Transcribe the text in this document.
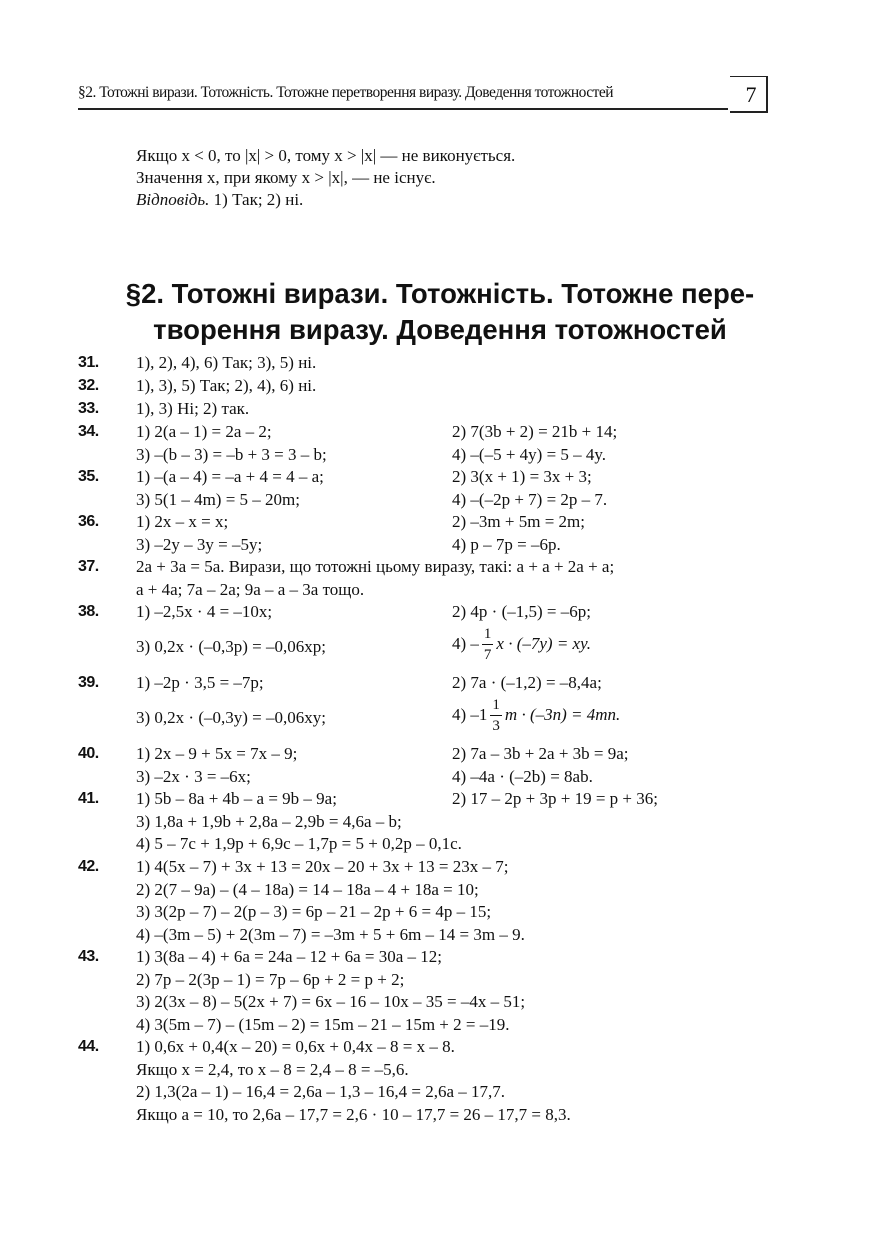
§2. Тотожні вирази. Тотожність. Тотожне перетворення виразу. Доведення тотожностей	7
Якщо x < 0, то |x| > 0, тому x > |x| — не виконується.
Значення x, при якому x > |x|, — не існує.
Відповідь. 1) Так; 2) ні.
§2. Тотожні вирази. Тотожність. Тотожне пере-
творення виразу. Доведення тотожностей
31. 1), 2), 4), 6) Так; 3), 5) ні.
32. 1), 3), 5) Так; 2), 4), 6) ні.
33. 1), 3) Ні; 2) так.
34. 1) 2(a – 1) = 2a – 2;	2) 7(3b + 2) = 21b + 14;
3) –(b – 3) = –b + 3 = 3 – b;	4) –(–5 + 4y) = 5 – 4y.
35. 1) –(a – 4) = –a + 4 = 4 – a;	2) 3(x + 1) = 3x + 3;
3) 5(1 – 4m) = 5 – 20m;	4) –(–2p + 7) = 2p – 7.
36. 1) 2x – x = x;	2) –3m + 5m = 2m;
3) –2y – 3y = –5y;	4) p – 7p = –6p.
37. 2a + 3a = 5a. Вирази, що тотожні цьому виразу, такі: a + a + 2a + a;
a + 4a; 7a – 2a; 9a – a – 3a тощо.
38. 1) –2,5x · 4 = –10x;	2) 4p · (–1,5) = –6p;
3) 0,2x · (–0,3p) = –0,06xp;	$4) - \frac{1}{7}$ x · (–7y) = xy.
39. 1) –2p · 3,5 = –7p;	2) 7a · (–1,2) = –8,4a;
3) 0,2x · (–0,3y) = –0,06xy;	4) $-1 \frac{1}{3}$ m · (–3n) = 4mn.
40. 1) 2x – 9 + 5x = 7x – 9;	2) 7a – 3b + 2a + 3b = 9a;
3) –2x · 3 = –6x;	4) –4a · (–2b) = 8ab.
41. 1) 5b – 8a + 4b – a = 9b – 9a;	2) 17 – 2p + 3p + 19 = p + 36;
3) 1,8a + 1,9b + 2,8a – 2,9b = 4,6a – b;
4) 5 – 7c + 1,9p + 6,9c – 1,7p = 5 + 0,2p – 0,1c.
42. 1) 4(5x – 7) + 3x + 13 = 20x – 20 + 3x + 13 = 23x – 7;
2) 2(7 – 9a) – (4 – 18a) = 14 – 18a – 4 + 18a = 10;
3) 3(2p – 7) – 2(p – 3) = 6p – 21 – 2p + 6 = 4p – 15;
4) –(3m – 5) + 2(3m – 7) = –3m + 5 + 6m – 14 = 3m – 9.
43. 1) 3(8a – 4) + 6a = 24a – 12 + 6a = 30a – 12;
2) 7p – 2(3p – 1) = 7p – 6p + 2 = p + 2;
3) 2(3x – 8) – 5(2x + 7) = 6x – 16 – 10x – 35 = –4x – 51;
4) 3(5m – 7) – (15m – 2) = 15m – 21 – 15m + 2 = –19.
44. 1) 0,6x + 0,4(x – 20) = 0,6x + 0,4x – 8 = x – 8.
Якщо x = 2,4, то x – 8 = 2,4 – 8 = –5,6.
2) 1,3(2a – 1) – 16,4 = 2,6a – 1,3 – 16,4 = 2,6a – 17,7.
Якщо a = 10, то 2,6a – 17,7 = 2,6 · 10 – 17,7 = 26 – 17,7 = 8,3.
